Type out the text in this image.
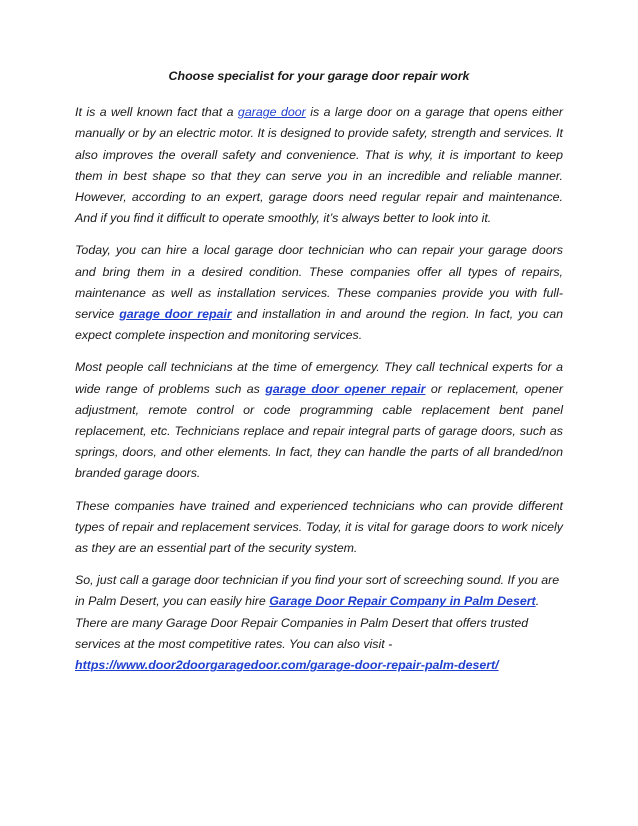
Choose specialist for your garage door repair work

It is a well known fact that a garage door is a large door on a garage that opens either manually or by an electric motor. It is designed to provide safety, strength and services. It also improves the overall safety and convenience. That is why, it is important to keep them in best shape so that they can serve you in an incredible and reliable manner. However, according to an expert, garage doors need regular repair and maintenance. And if you find it difficult to operate smoothly, it’s always better to look into it.

Today, you can hire a local garage door technician who can repair your garage doors and bring them in a desired condition. These companies offer all types of repairs, maintenance as well as installation services. These companies provide you with full-service garage door repair and installation in and around the region. In fact, you can expect complete inspection and monitoring services.

Most people call technicians at the time of emergency. They call technical experts for a wide range of problems such as garage door opener repair or replacement, opener adjustment, remote control or code programming cable replacement bent panel replacement, etc. Technicians replace and repair integral parts of garage doors, such as springs, doors, and other elements. In fact, they can handle the parts of all branded/non branded garage doors.

These companies have trained and experienced technicians who can provide different types of repair and replacement services. Today, it is vital for garage doors to work nicely as they are an essential part of the security system.

So, just call a garage door technician if you find your sort of screeching sound. If you are in Palm Desert, you can easily hire Garage Door Repair Company in Palm Desert. There are many Garage Door Repair Companies in Palm Desert that offers trusted services at the most competitive rates. You can also visit -
https://www.door2doorgaragedoor.com/garage-door-repair-palm-desert/
